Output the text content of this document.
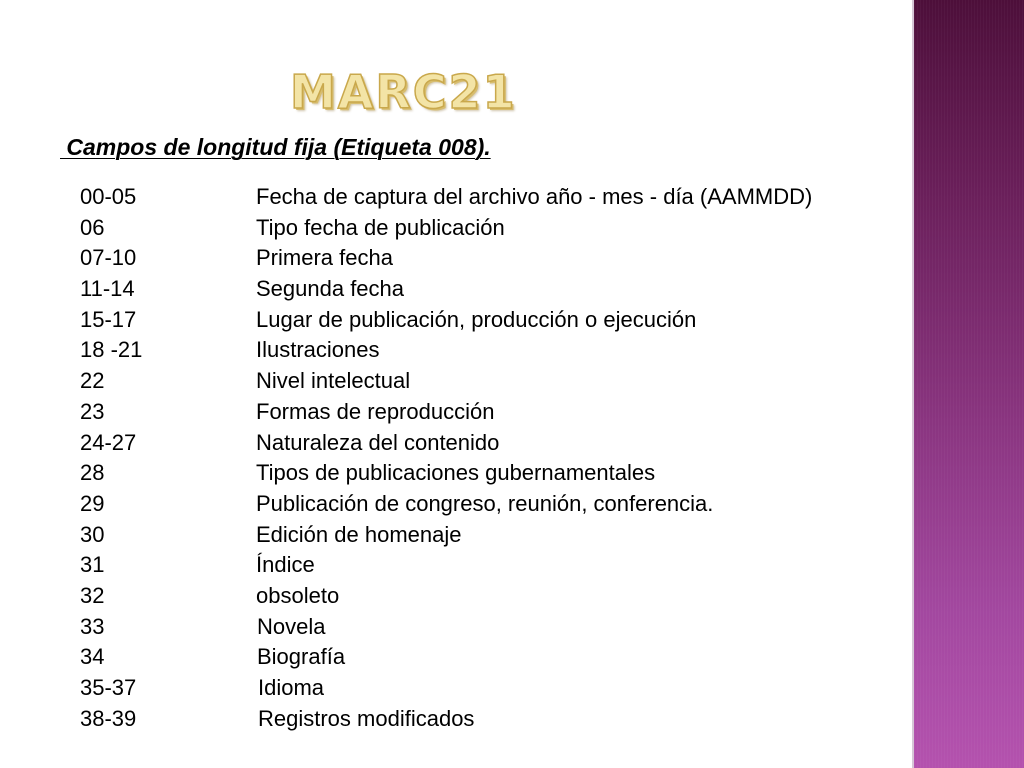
MARC21
Campos de longitud fija (Etiqueta 008).
00-05	Fecha de captura del archivo año - mes - día (AAMMDD)
06	Tipo fecha de publicación
07-10	Primera fecha
11-14	Segunda fecha
15-17	Lugar de publicación, producción o ejecución
18 -21	Ilustraciones
22	Nivel intelectual
23	Formas de reproducción
24-27	Naturaleza del contenido
28	Tipos de publicaciones gubernamentales
29	Publicación de congreso, reunión, conferencia.
30	Edición de homenaje
31	Índice
32	obsoleto
33	Novela
34	Biografía
35-37	Idioma
38-39	Registros modificados
